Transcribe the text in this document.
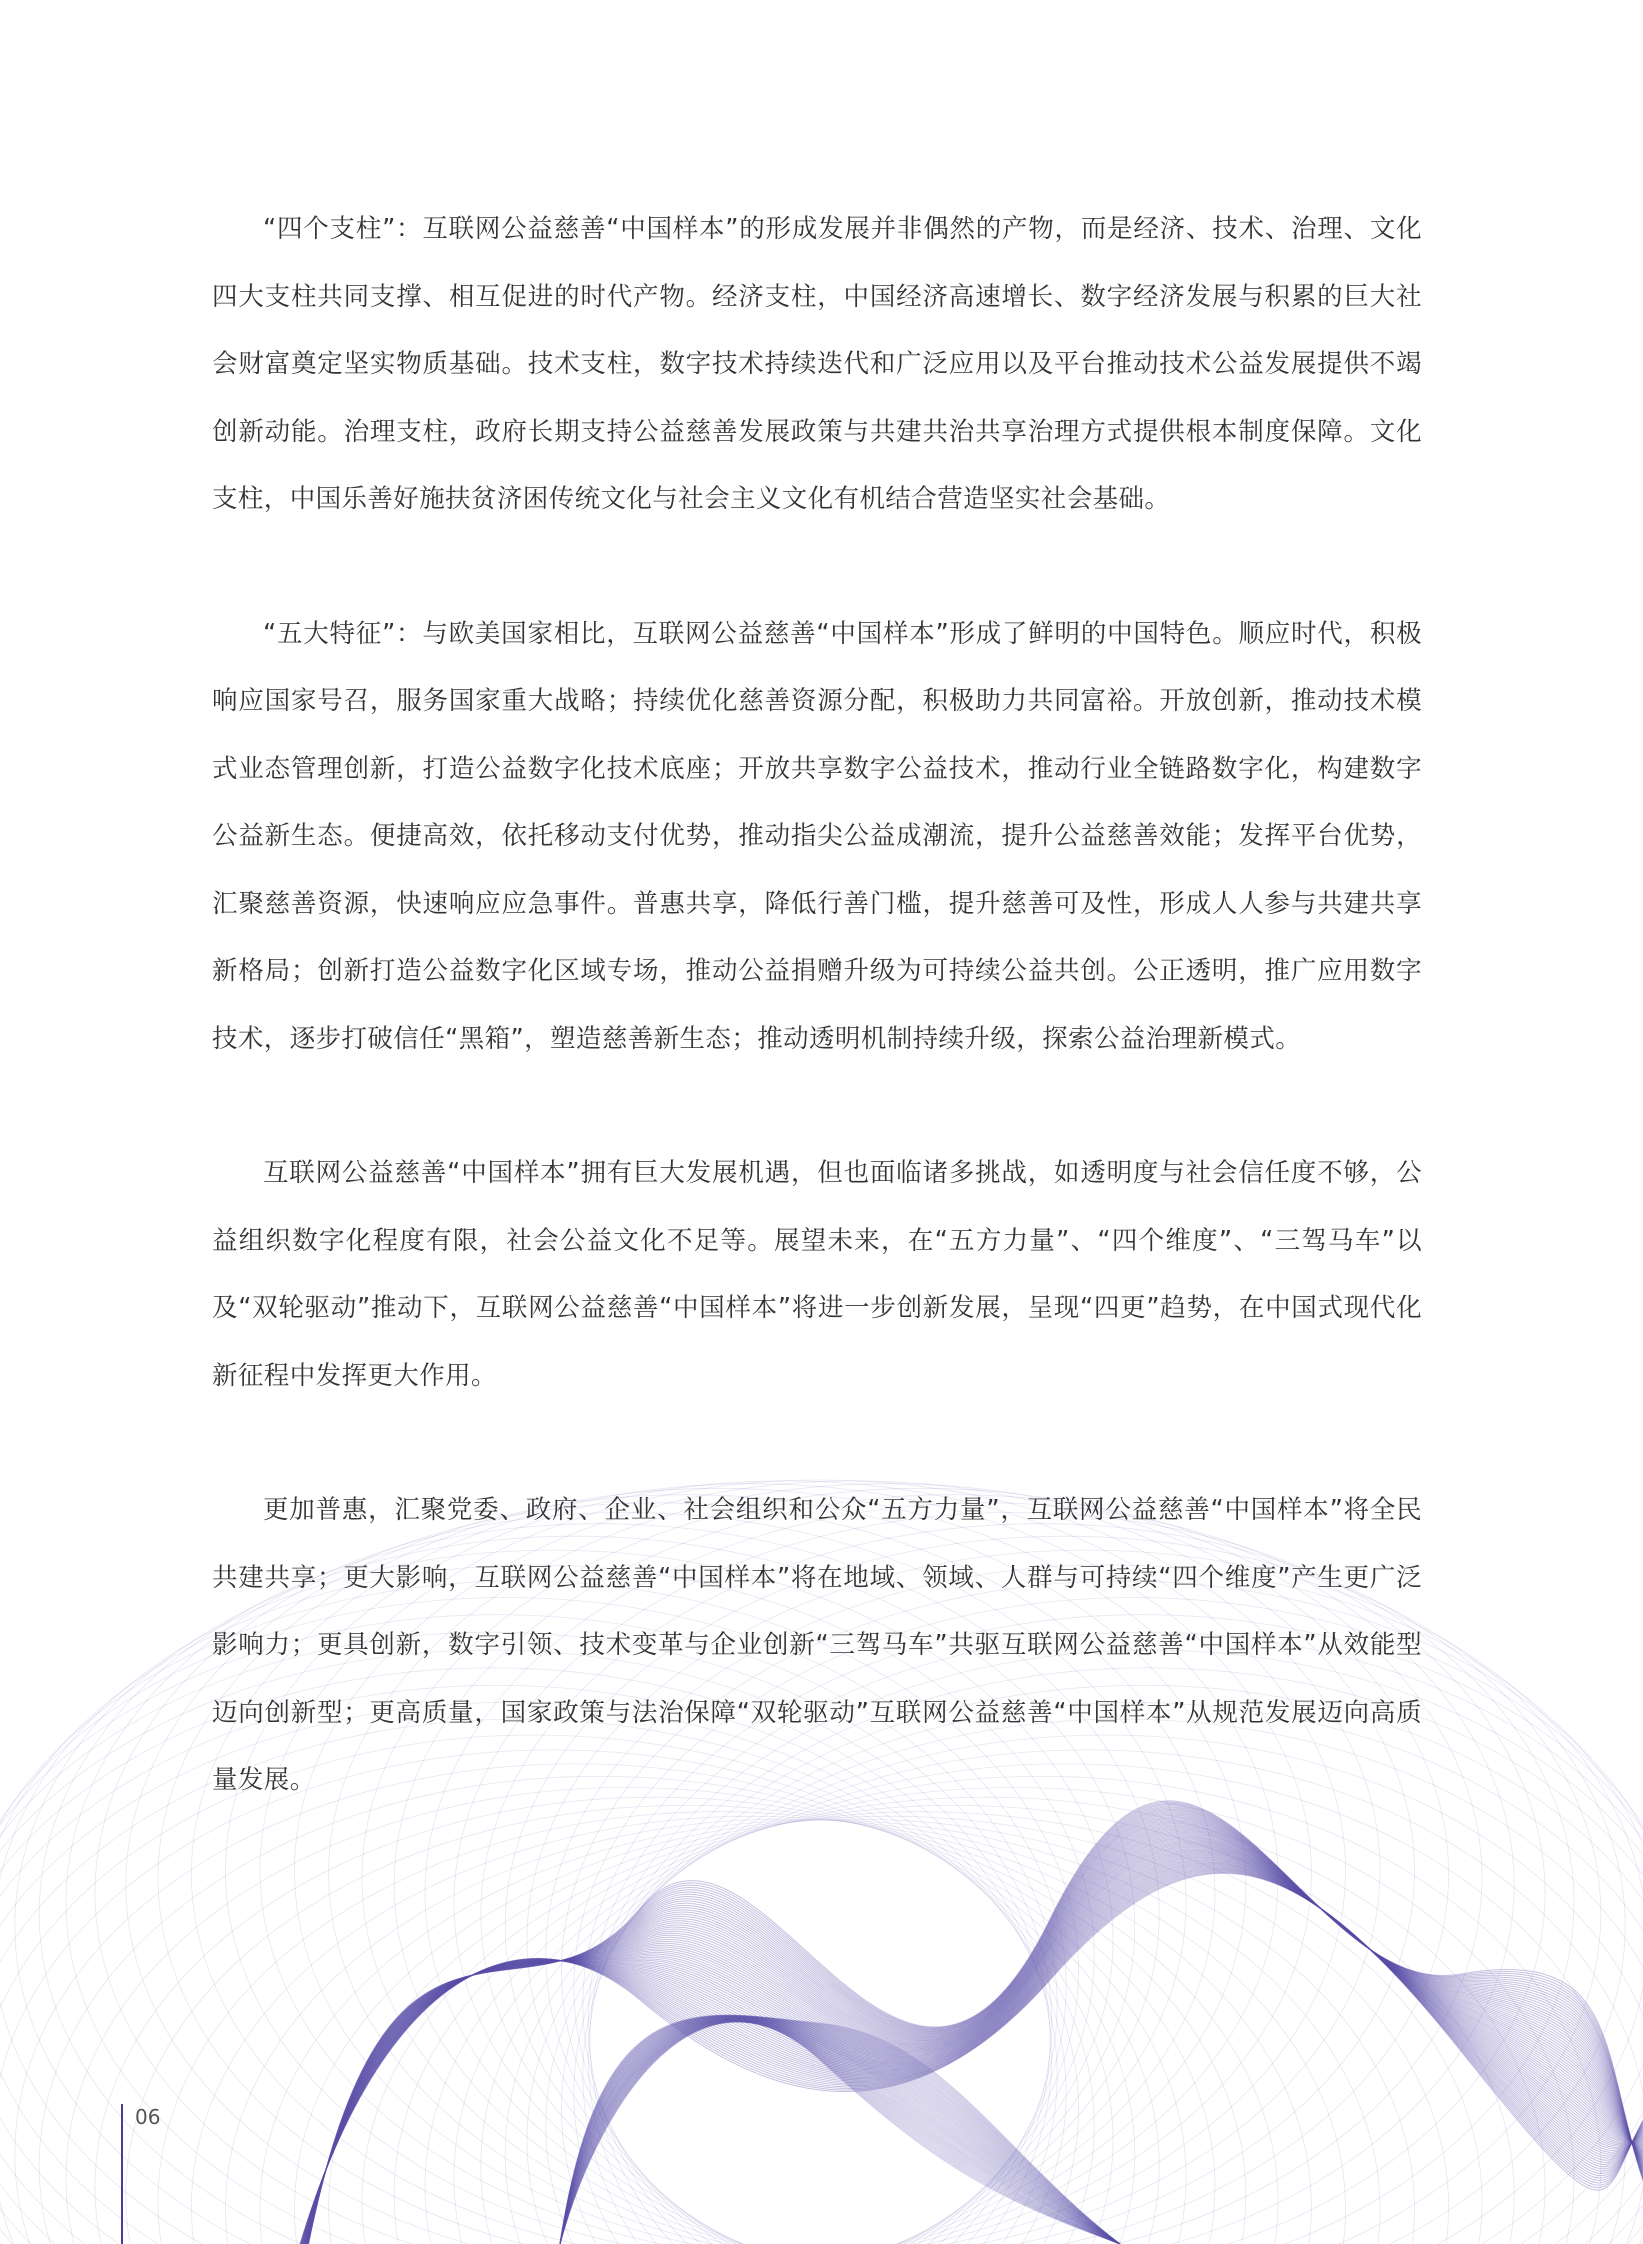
“四个支柱”：互联网公益慈善“中国样本”的形成发展并非偶然的产物，而是经济、技术、治理、文化四大支柱共同支撑、相互促进的时代产物。经济支柱，中国经济高速增长、数字经济发展与积累的巨大社会财富奠定坚实物质基础。技术支柱，数字技术持续迭代和广泛应用以及平台推动技术公益发展提供不竭创新动能。治理支柱，政府长期支持公益慈善发展政策与共建共治共享治理方式提供根本制度保障。文化支柱，中国乐善好施扶贫济困传统文化与社会主义文化有机结合营造坚实社会基础。

“五大特征”：与欧美国家相比，互联网公益慈善“中国样本”形成了鲜明的中国特色。顺应时代，积极响应国家号召，服务国家重大战略；持续优化慈善资源分配，积极助力共同富裕。开放创新，推动技术模式业态管理创新，打造公益数字化技术底座；开放共享数字公益技术，推动行业全链路数字化，构建数字公益新生态。便捷高效，依托移动支付优势，推动指尖公益成潮流，提升公益慈善效能；发挥平台优势，汇聚慈善资源，快速响应应急事件。普惠共享，降低行善门槛，提升慈善可及性，形成人人参与共建共享新格局；创新打造公益数字化区域专场，推动公益捐赠升级为可持续公益共创。公正透明，推广应用数字技术，逐步打破信任“黑箱”，塑造慈善新生态；推动透明机制持续升级，探索公益治理新模式。

互联网公益慈善“中国样本”拥有巨大发展机遇，但也面临诸多挑战，如透明度与社会信任度不够，公益组织数字化程度有限，社会公益文化不足等。展望未来，在“五方力量”、“四个维度”、“三驾马车”以及“双轮驱动”推动下，互联网公益慈善“中国样本”将进一步创新发展，呈现“四更”趋势，在中国式现代化新征程中发挥更大作用。

更加普惠，汇聚党委、政府、企业、社会组织和公众“五方力量”，互联网公益慈善“中国样本”将全民共建共享；更大影响，互联网公益慈善“中国样本”将在地域、领域、人群与可持续“四个维度”产生更广泛影响力；更具创新，数字引领、技术变革与企业创新“三驾马车”共驱互联网公益慈善“中国样本”从效能型迈向创新型；更高质量，国家政策与法治保障“双轮驱动”互联网公益慈善“中国样本”从规范发展迈向高质量发展。

06
